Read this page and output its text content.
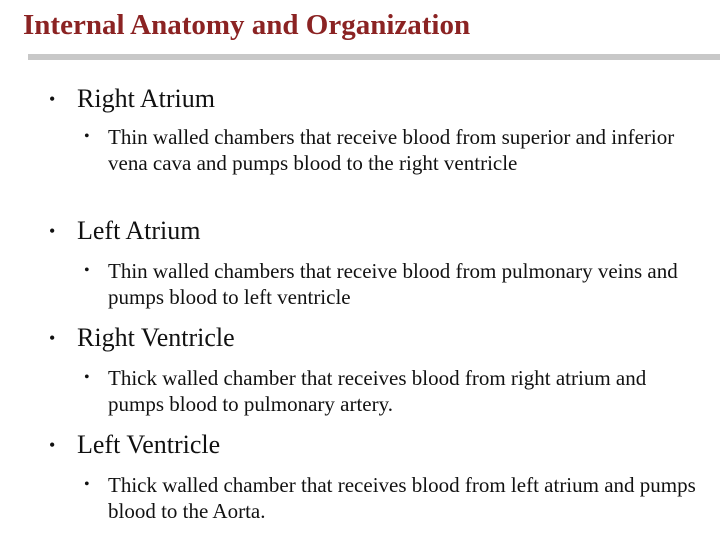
Internal Anatomy and Organization
• Right Atrium
• Thin walled chambers that receive blood from superior and inferior vena cava and pumps blood to the right ventricle
• Left Atrium
• Thin walled chambers that receive blood from pulmonary veins and pumps blood to left ventricle
• Right Ventricle
• Thick walled chamber that receives blood from right atrium and pumps blood to pulmonary artery.
• Left Ventricle
• Thick walled chamber that receives blood from left atrium and pumps blood to the Aorta.
